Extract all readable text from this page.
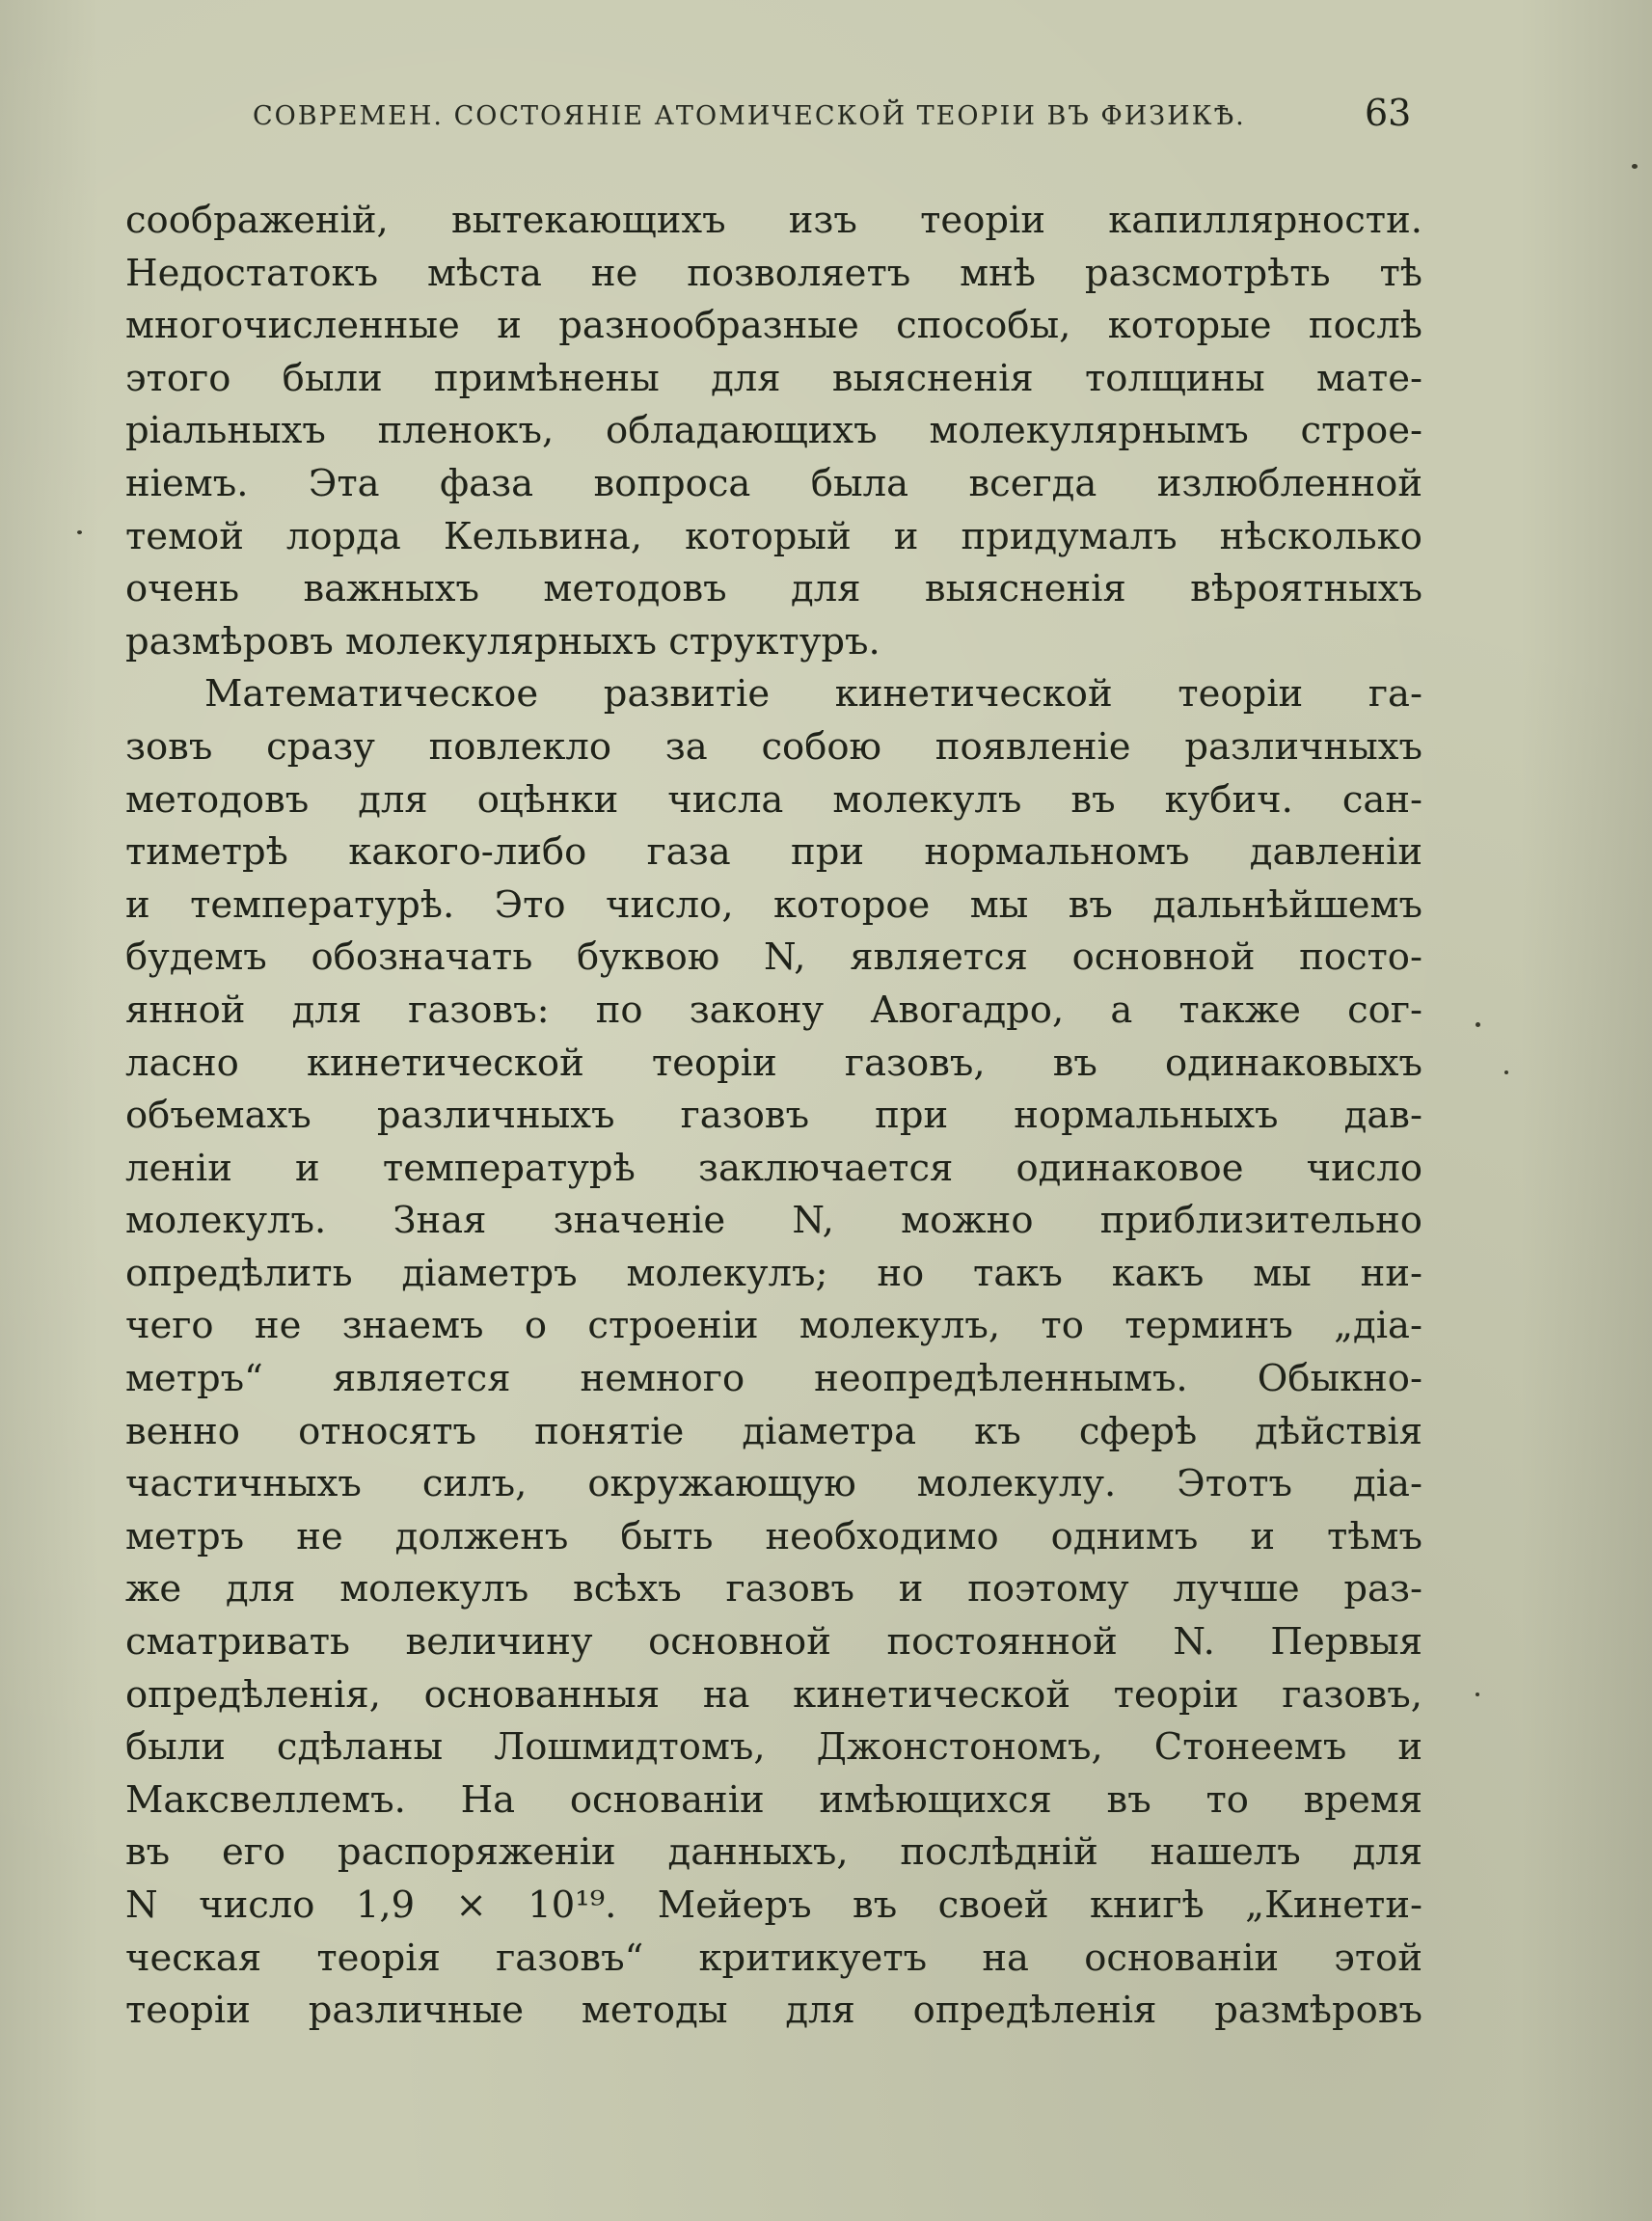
СОВРЕМЕН. СОСТОЯНIЕ АТОМИЧЕСКОЙ ТЕОРIИ ВЪ ФИЗИКѢ.	63
соображенiй, вытекающихъ изъ теорiи капиллярности.
Недостатокъ мѣста не позволяетъ мнѣ разсмотрѣть тѣ
многочисленные и разнообразные способы, которые послѣ
этого были примѣнены для выясненiя толщины мате-
рiальныхъ пленокъ, обладающихъ молекулярнымъ строе-
нiемъ. Эта фаза вопроса была всегда излюбленной
темой лорда Кельвина, который и придумалъ нѣсколько
очень важныхъ методовъ для выясненiя вѣроятныхъ
размѣровъ молекулярныхъ структуръ.
Математическое развитiе кинетической теорiи га-
зовъ сразу повлекло за собою появленiе различныхъ
методовъ для оцѣнки числа молекулъ въ кубич. сан-
тиметрѣ какого-либо газа при нормальномъ давленiи
и температурѣ. Это число, которое мы въ дальнѣйшемъ
будемъ обозначать буквою N, является основной посто-
янной для газовъ: по закону Авогадро, а также сог-
ласно кинетической теорiи газовъ, въ одинаковыхъ
объемахъ различныхъ газовъ при нормальныхъ дав-
ленiи и температурѣ заключается одинаковое число
молекулъ. Зная значенiе N, можно приблизительно
опредѣлить дiаметръ молекулъ; но такъ какъ мы ни-
чего не знаемъ о строенiи молекулъ, то терминъ „дiа-
метръ“ является немного неопредѣленнымъ. Обыкно-
венно относятъ понятiе дiаметра къ сферѣ дѣйствiя
частичныхъ силъ, окружающую молекулу. Этотъ дiа-
метръ не долженъ быть необходимо однимъ и тѣмъ
же для молекулъ всѣхъ газовъ и поэтому лучше раз-
сматривать величину основной постоянной N. Первыя
опредѣленiя, основанныя на кинетической теорiи газовъ,
были сдѣланы Лошмидтомъ, Джонстономъ, Стонеемъ и
Максвеллемъ. На основанiи имѣющихся въ то время
въ его распоряженiи данныхъ, послѣднiй нашелъ для
N число 1,9 × 10¹⁹. Мейеръ въ своей книгѣ „Кинети-
ческая теорiя газовъ“ критикуетъ на основанiи этой
теорiи различные методы для опредѣленiя размѣровъ
